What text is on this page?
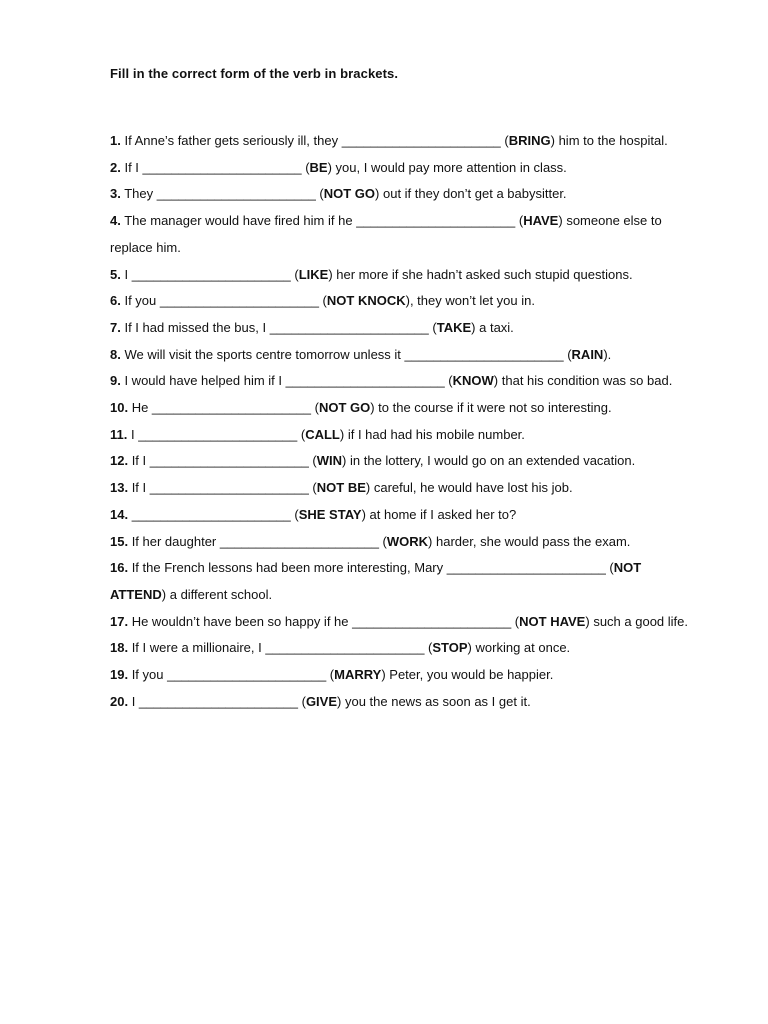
Fill in the correct form of the verb in brackets.

1. If Anne’s father gets seriously ill, they ______________________ (BRING) him to the hospital.

2. If I ______________________ (BE) you, I would pay more attention in class.

3. They ______________________ (NOT GO) out if they don’t get a babysitter.

4. The manager would have fired him if he ______________________ (HAVE) someone else to replace him.

5. I ______________________ (LIKE) her more if she hadn’t asked such stupid questions.

6. If you ______________________ (NOT KNOCK), they won’t let you in.

7. If I had missed the bus, I ______________________ (TAKE) a taxi.

8. We will visit the sports centre tomorrow unless it ______________________ (RAIN).

9. I would have helped him if I ______________________ (KNOW) that his condition was so bad.

10. He ______________________ (NOT GO) to the course if it were not so interesting.

11. I ______________________ (CALL) if I had had his mobile number.

12. If I ______________________ (WIN) in the lottery, I would go on an extended vacation.

13. If I ______________________ (NOT BE) careful, he would have lost his job.

14. ______________________ (SHE STAY) at home if I asked her to?

15. If her daughter ______________________ (WORK) harder, she would pass the exam.

16. If the French lessons had been more interesting, Mary ______________________ (NOT ATTEND) a different school.

17. He wouldn’t have been so happy if he ______________________ (NOT HAVE) such a good life.

18. If I were a millionaire, I ______________________ (STOP) working at once.

19. If you ______________________ (MARRY) Peter, you would be happier.

20. I ______________________ (GIVE) you the news as soon as I get it.
